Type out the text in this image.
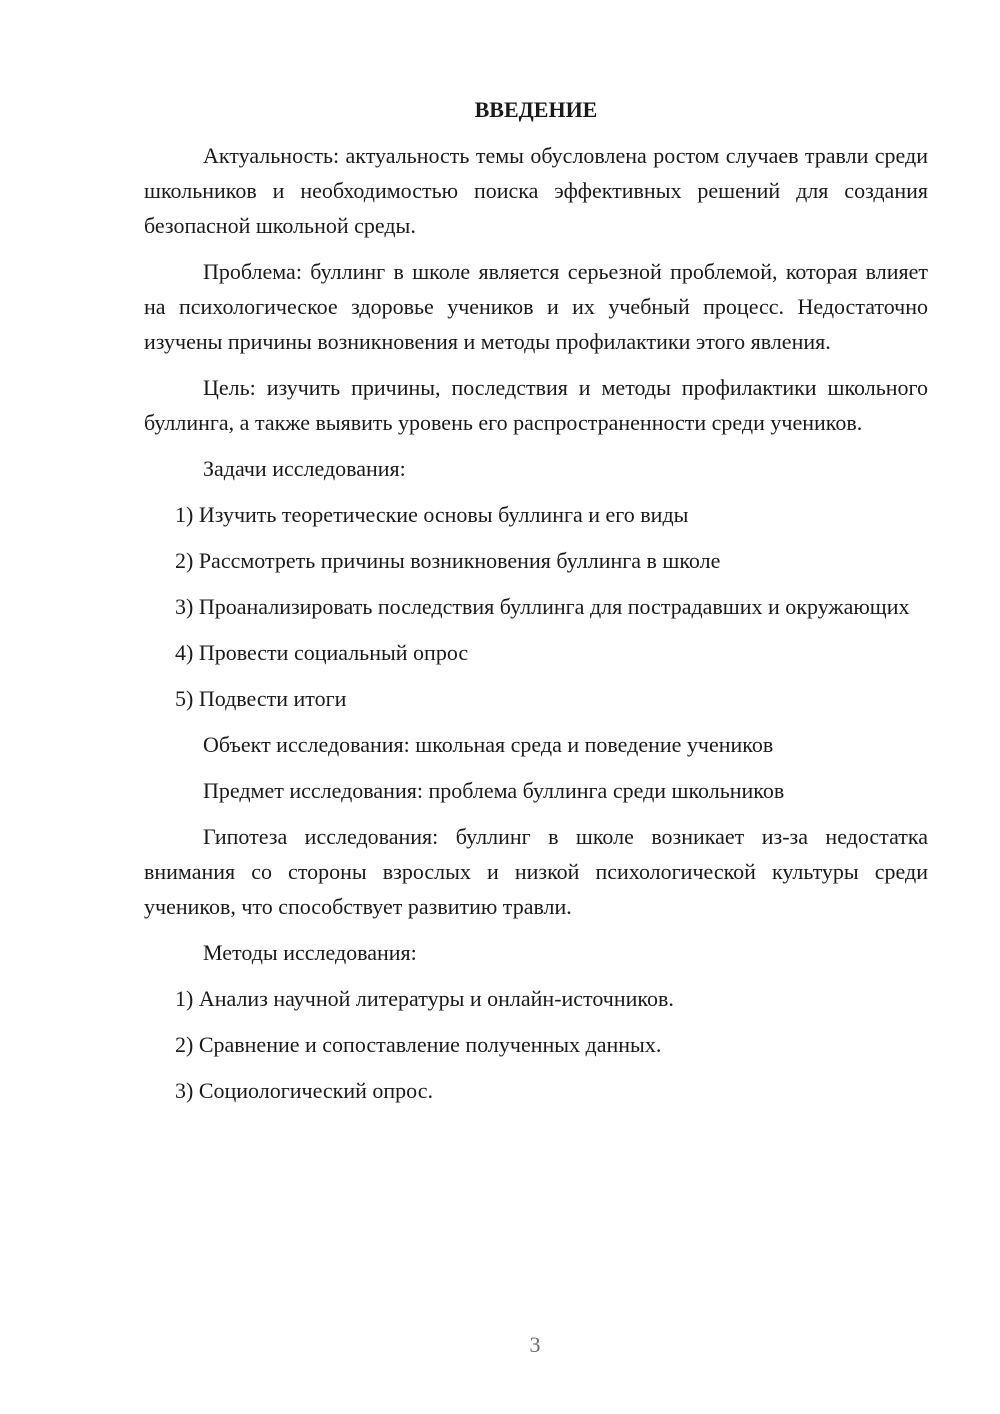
ВВЕДЕНИЕ

Актуальность: актуальность темы обусловлена ростом случаев травли среди школьников и необходимостью поиска эффективных решений для создания безопасной школьной среды.

Проблема: буллинг в школе является серьезной проблемой, которая влияет на психологическое здоровье учеников и их учебный процесс. Недостаточно изучены причины возникновения и методы профилактики этого явления.

Цель: изучить причины, последствия и методы профилактики школьного буллинга, а также выявить уровень его распространенности среди учеников.

Задачи исследования:

1) Изучить теоретические основы буллинга и его виды

2) Рассмотреть причины возникновения буллинга в школе

3) Проанализировать последствия буллинга для пострадавших и окружающих

4) Провести социальный опрос

5) Подвести итоги

Объект исследования: школьная среда и поведение учеников

Предмет исследования: проблема буллинга среди школьников

Гипотеза исследования: буллинг в школе возникает из-за недостатка внимания со стороны взрослых и низкой психологической культуры среди учеников, что способствует развитию травли.

Методы исследования:

1) Анализ научной литературы и онлайн-источников.

2) Сравнение и сопоставление полученных данных.

3) Социологический опрос.

3
